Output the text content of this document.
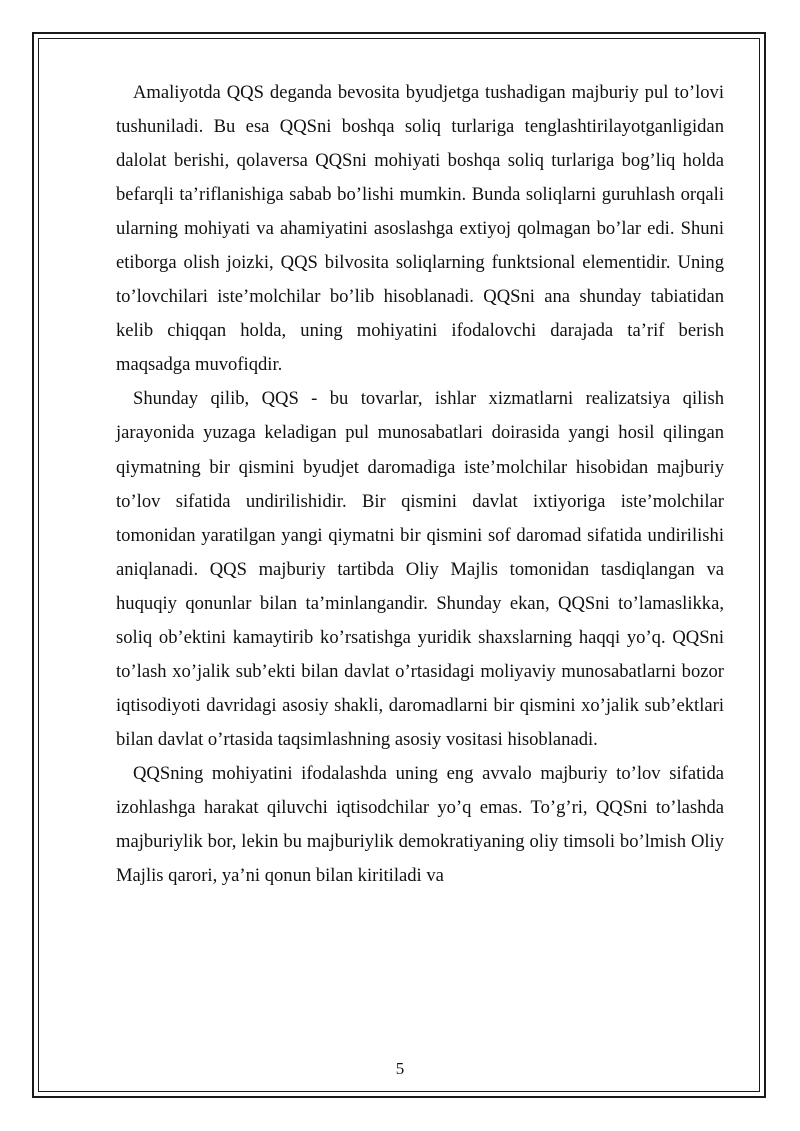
Amaliyotda QQS deganda bevosita byudjetga tushadigan majburiy pul to’lovi tushuniladi. Bu esa QQSni boshqa soliq turlariga tenglashtirilayotganligidan dalolat berishi, qolaversa QQSni mohiyati boshqa soliq turlariga bog’liq holda befarqli ta’riflanishiga sabab bo’lishi mumkin. Bunda soliqlarni guruhlash orqali ularning mohiyati va ahamiyatini asoslashga extiyoj qolmagan bo’lar edi. Shuni etiborga olish joizki, QQS bilvosita soliqlarning funktsional elementidir. Uning to’lovchilari iste’molchilar bo’lib hisoblanadi. QQSni ana shunday tabiatidan kelib chiqqan holda, uning mohiyatini ifodalovchi darajada ta’rif berish maqsadga muvofiqdir.

Shunday qilib, QQS - bu tovarlar, ishlar xizmatlarni realizatsiya qilish jarayonida yuzaga keladigan pul munosabatlari doirasida yangi hosil qilingan qiymatning bir qismini byudjet daromadiga iste’molchilar hisobidan majburiy to’lov sifatida undirilishidir. Bir qismini davlat ixtiyoriga iste’molchilar tomonidan yaratilgan yangi qiymatni bir qismini sof daromad sifatida undirilishi aniqlanadi. QQS majburiy tartibda Oliy Majlis tomonidan tasdiqlangan va huquqiy qonunlar bilan ta’minlangandir. Shunday ekan, QQSni to’lamaslikka, soliq ob’ektini kamaytirib ko’rsatishga yuridik shaxslarning haqqi yo’q. QQSni to’lash xo’jalik sub’ekti bilan davlat o’rtasidagi moliyaviy munosabatlarni bozor iqtisodiyoti davridagi asosiy shakli, daromadlarni bir qismini xo’jalik sub’ektlari bilan davlat o’rtasida taqsimlashning asosiy vositasi hisoblanadi.

QQSning mohiyatini ifodalashda uning eng avvalo majburiy to’lov sifatida izohlashga harakat qiluvchi iqtisodchilar yo’q emas. To’g’ri, QQSni to’lashda majburiylik bor, lekin bu majburiylik demokratiyaning oliy timsoli bo’lmish Oliy Majlis qarori, ya’ni qonun bilan kiritiladi va

5
